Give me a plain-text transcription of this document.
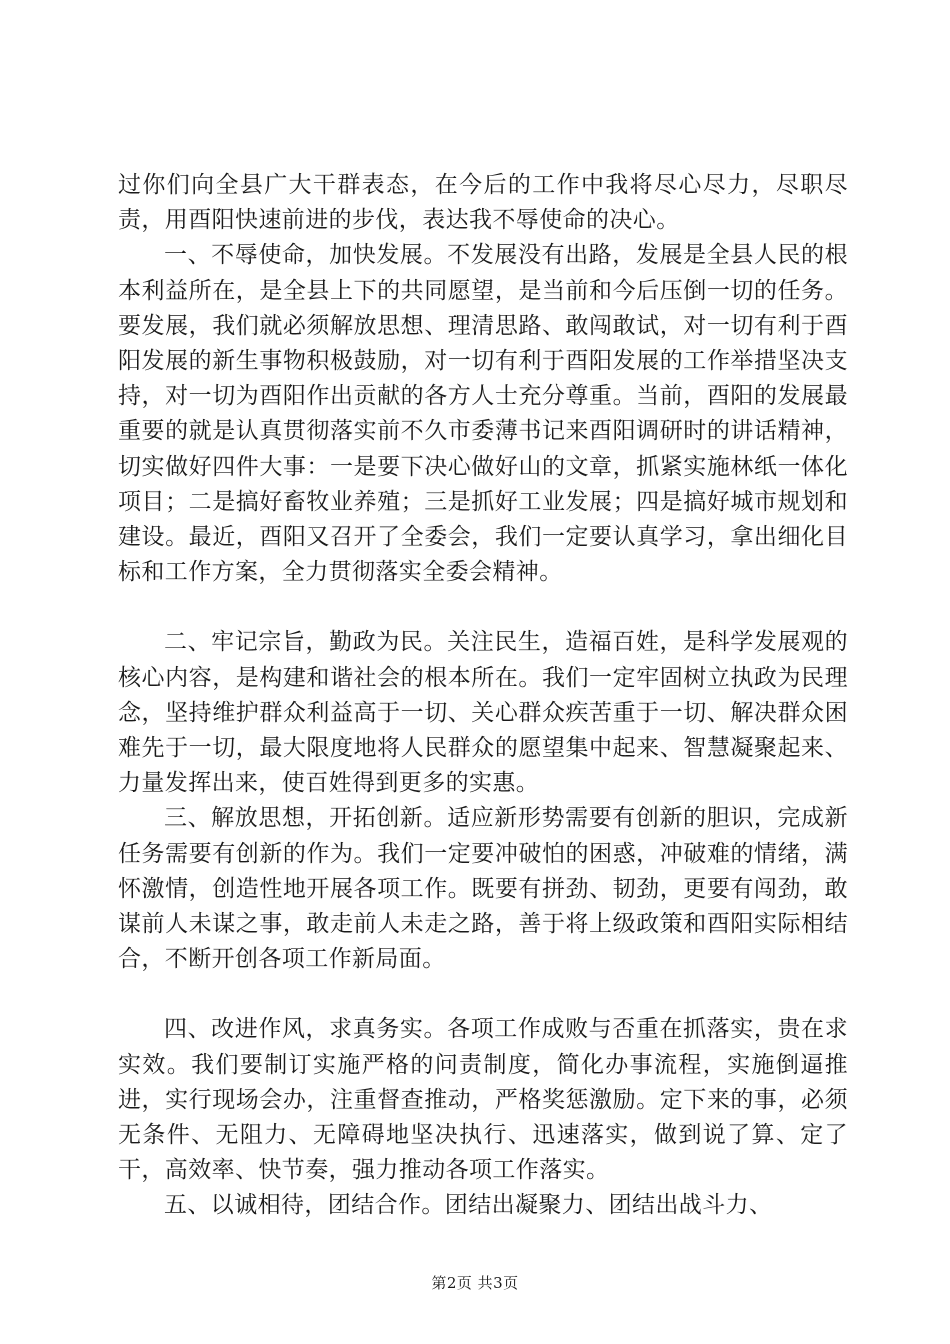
过你们向全县广大干群表态，在今后的工作中我将尽心尽力，尽职尽责，用酉阳快速前进的步伐，表达我不辱使命的决心。

一、不辱使命，加快发展。不发展没有出路，发展是全县人民的根本利益所在，是全县上下的共同愿望，是当前和今后压倒一切的任务。要发展，我们就必须解放思想、理清思路、敢闯敢试，对一切有利于酉阳发展的新生事物积极鼓励，对一切有利于酉阳发展的工作举措坚决支持，对一切为酉阳作出贡献的各方人士充分尊重。当前，酉阳的发展最重要的就是认真贯彻落实前不久市委薄书记来酉阳调研时的讲话精神，切实做好四件大事：一是要下决心做好山的文章，抓紧实施林纸一体化项目；二是搞好畜牧业养殖；三是抓好工业发展；四是搞好城市规划和建设。最近，酉阳又召开了全委会，我们一定要认真学习，拿出细化目标和工作方案，全力贯彻落实全委会精神。

二、牢记宗旨，勤政为民。关注民生，造福百姓，是科学发展观的核心内容，是构建和谐社会的根本所在。我们一定牢固树立执政为民理念，坚持维护群众利益高于一切、关心群众疾苦重于一切、解决群众困难先于一切，最大限度地将人民群众的愿望集中起来、智慧凝聚起来、力量发挥出来，使百姓得到更多的实惠。

三、解放思想，开拓创新。适应新形势需要有创新的胆识，完成新任务需要有创新的作为。我们一定要冲破怕的困惑，冲破难的情绪，满怀激情，创造性地开展各项工作。既要有拼劲、韧劲，更要有闯劲，敢谋前人未谋之事，敢走前人未走之路，善于将上级政策和酉阳实际相结合，不断开创各项工作新局面。

四、改进作风，求真务实。各项工作成败与否重在抓落实，贵在求实效。我们要制订实施严格的问责制度，简化办事流程，实施倒逼推进，实行现场会办，注重督查推动，严格奖惩激励。定下来的事，必须无条件、无阻力、无障碍地坚决执行、迅速落实，做到说了算、定了干，高效率、快节奏，强力推动各项工作落实。

五、以诚相待，团结合作。团结出凝聚力、团结出战斗力、

第2页 共3页
